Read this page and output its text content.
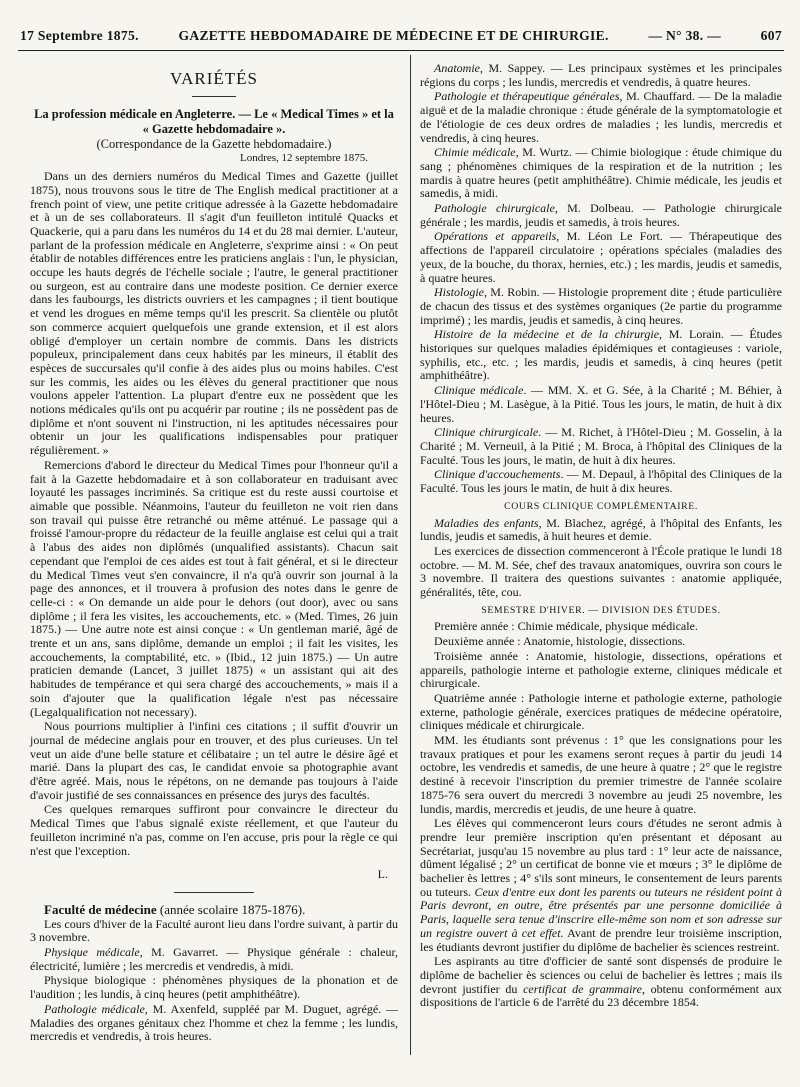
17 Septembre 1875.	GAZETTE HEBDOMADAIRE DE MÉDECINE ET DE CHIRURGIE.	— N° 38. —	607
VARIÉTÉS

La profession médicale en Angleterre. — Le « Medical Times » et la « Gazette hebdomadaire ».

(Correspondance de la Gazette hebdomadaire.)

Londres, 12 septembre 1875.

Dans un des derniers numéros du Medical Times and Gazette (juillet 1875), nous trouvons sous le titre de The English medical practitioner at a french point of view, une petite critique adressée à la Gazette hebdomadaire et à un de ses collaborateurs. Il s'agit d'un feuilleton intitulé Quacks et Quackerie, qui a paru dans les numéros du 14 et du 28 mai dernier. L'auteur, parlant de la profession médicale en Angleterre, s'exprime ainsi : « On peut établir de notables différences entre les praticiens anglais : l'un, le physician, occupe les hauts degrés de l'échelle sociale ; l'autre, le general practitioner ou surgeon, est au contraire dans une modeste position. Ce dernier exerce dans les faubourgs, les districts ouvriers et les campagnes ; il tient boutique et vend les drogues en même temps qu'il les prescrit. Sa clientèle ou plutôt son commerce acquiert quelquefois une grande extension, et il est alors obligé d'employer un certain nombre de commis. Dans les districts populeux, principalement dans ceux habités par les mineurs, il établit des espèces de succursales qu'il confie à des aides plus ou moins habiles. C'est sur les commis, les aides ou les élèves du general practitioner que nous voulons appeler l'attention. La plupart d'entre eux ne possèdent que les notions médicales qu'ils ont pu acquérir par routine ; ils ne possèdent pas de diplôme et n'ont souvent ni l'instruction, ni les aptitudes nécessaires pour obtenir un jour les qualifications indispensables pour pratiquer régulièrement. »

Remercions d'abord le directeur du Medical Times pour l'honneur qu'il a fait à la Gazette hebdomadaire et à son collaborateur en traduisant avec loyauté les passages incriminés. Sa critique est du reste aussi courtoise et aimable que possible. Néanmoins, l'auteur du feuilleton ne voit rien dans son travail qui puisse être retranché ou même atténué. Le passage qui a froissé l'amour-propre du rédacteur de la feuille anglaise est celui qui a trait à l'abus des aides non diplômés (unqualified assistants). Chacun sait cependant que l'emploi de ces aides est tout à fait général, et si le directeur du Medical Times veut s'en convaincre, il n'a qu'à ouvrir son journal à la page des annonces, et il trouvera à profusion des notes dans le genre de celle-ci : « On demande un aide pour le dehors (out door), avec ou sans diplôme ; il fera les visites, les accouchements, etc. » (Med. Times, 26 juin 1875.) — Une autre note est ainsi conçue : « Un gentleman marié, âgé de trente et un ans, sans diplôme, demande un emploi ; il fait les visites, les accouchements, la comptabilité, etc. » (Ibid., 12 juin 1875.) — Un autre praticien demande (Lancet, 3 juillet 1875) « un assistant qui ait des habitudes de tempérance et qui sera chargé des accouchements, » mais il a soin d'ajouter que la qualification légale n'est pas nécessaire (Legalqualification not necessary).

Nous pourrions multiplier à l'infini ces citations ; il suffit d'ouvrir un journal de médecine anglais pour en trouver, et des plus curieuses. Un tel veut un aide d'une belle stature et célibataire ; un tel autre le désire âgé et marié. Dans la plupart des cas, le candidat envoie sa photographie avant d'être agréé. Mais, nous le répétons, on ne demande pas toujours à l'aide d'avoir justifié de ses connaissances en présence des jurys des facultés.

Ces quelques remarques suffiront pour convaincre le directeur du Medical Times que l'abus signalé existe réellement, et que l'auteur du feuilleton incriminé n'a pas, comme on l'en accuse, pris pour la règle ce qui n'est que l'exception.

L.

Faculté de médecine (année scolaire 1875-1876).

Les cours d'hiver de la Faculté auront lieu dans l'ordre suivant, à partir du 3 novembre.

Physique médicale, M. Gavarret. — Physique générale : chaleur, électricité, lumière ; les mercredis et vendredis, à midi.

Physique biologique : phénomènes physiques de la phonation et de l'audition ; les lundis, à cinq heures (petit amphithéâtre).

Pathologie médicale, M. Axenfeld, suppléé par M. Duguet, agrégé. — Maladies des organes génitaux chez l'homme et chez la femme ; les lundis, mercredis et vendredis, à trois heures.

Anatomie, M. Sappey. — Les principaux systèmes et les principales régions du corps ; les lundis, mercredis et vendredis, à quatre heures.

Pathologie et thérapeutique générales, M. Chauffard. — De la maladie aiguë et de la maladie chronique : étude générale de la symptomatologie et de l'étiologie de ces deux ordres de maladies ; les lundis, mercredis et vendredis, à cinq heures.

Chimie médicale, M. Wurtz. — Chimie biologique : étude chimique du sang ; phénomènes chimiques de la respiration et de la nutrition ; les mardis à quatre heures (petit amphithéâtre). Chimie médicale, les jeudis et samedis, à midi.

Pathologie chirurgicale, M. Dolbeau. — Pathologie chirurgicale générale ; les mardis, jeudis et samedis, à trois heures.

Opérations et appareils, M. Léon Le Fort. — Thérapeutique des affections de l'appareil circulatoire ; opérations spéciales (maladies des yeux, de la bouche, du thorax, hernies, etc.) ; les mardis, jeudis et samedis, à quatre heures.

Histologie, M. Robin. — Histologie proprement dite ; étude particulière de chacun des tissus et des systèmes organiques (2e partie du programme imprimé) ; les mardis, jeudis et samedis, à cinq heures.

Histoire de la médecine et de la chirurgie, M. Lorain. — Études historiques sur quelques maladies épidémiques et contagieuses : variole, syphilis, etc., etc. ; les mardis, jeudis et samedis, à cinq heures (petit amphithéâtre).

Clinique médicale. — MM. X. et G. Sée, à la Charité ; M. Béhier, à l'Hôtel-Dieu ; M. Lasègue, à la Pitié. Tous les jours, le matin, de huit à dix heures.

Clinique chirurgicale. — M. Richet, à l'Hôtel-Dieu ; M. Gosselin, à la Charité ; M. Verneuil, à la Pitié ; M. Broca, à l'hôpital des Cliniques de la Faculté. Tous les jours, le matin, de huit à dix heures.

Clinique d'accouchements. — M. Depaul, à l'hôpital des Cliniques de la Faculté. Tous les jours le matin, de huit à dix heures.

COURS CLINIQUE COMPLÉMENTAIRE.

Maladies des enfants, M. Blachez, agrégé, à l'hôpital des Enfants, les lundis, jeudis et samedis, à huit heures et demie.

Les exercices de dissection commenceront à l'École pratique le lundi 18 octobre. — M. M. Sée, chef des travaux anatomiques, ouvrira son cours le 3 novembre. Il traitera des questions suivantes : anatomie appliquée, généralités, tête, cou.

SEMESTRE D'HIVER. — DIVISION DES ÉTUDES.

Première année : Chimie médicale, physique médicale.

Deuxième année : Anatomie, histologie, dissections.

Troisième année : Anatomie, histologie, dissections, opérations et appareils, pathologie interne et pathologie externe, cliniques médicale et chirurgicale.

Quatrième année : Pathologie interne et pathologie externe, pathologie externe, pathologie générale, exercices pratiques de médecine opératoire, cliniques médicale et chirurgicale.

MM. les étudiants sont prévenus : 1° que les consignations pour les travaux pratiques et pour les examens seront reçues à partir du jeudi 14 octobre, les vendredis et samedis, de une heure à quatre ; 2° que le registre destiné à recevoir l'inscription du premier trimestre de l'année scolaire 1875-76 sera ouvert du mercredi 3 novembre au jeudi 25 novembre, les lundis, mardis, mercredis et jeudis, de une heure à quatre.

Les élèves qui commenceront leurs cours d'études ne seront admis à prendre leur première inscription qu'en présentant et déposant au Secrétariat, jusqu'au 15 novembre au plus tard : 1° leur acte de naissance, dûment légalisé ; 2° un certificat de bonne vie et mœurs ; 3° le diplôme de bachelier ès lettres ; 4° s'ils sont mineurs, le consentement de leurs parents ou tuteurs. Ceux d'entre eux dont les parents ou tuteurs ne résident point à Paris devront, en outre, être présentés par une personne domiciliée à Paris, laquelle sera tenue d'inscrire elle-même son nom et son adresse sur un registre ouvert à cet effet. Avant de prendre leur troisième inscription, les étudiants devront justifier du diplôme de bachelier ès sciences restreint.

Les aspirants au titre d'officier de santé sont dispensés de produire le diplôme de bachelier ès sciences ou celui de bachelier ès lettres ; mais ils devront justifier du certificat de grammaire, obtenu conformément aux dispositions de l'article 6 de l'arrêté du 23 décembre 1854.
